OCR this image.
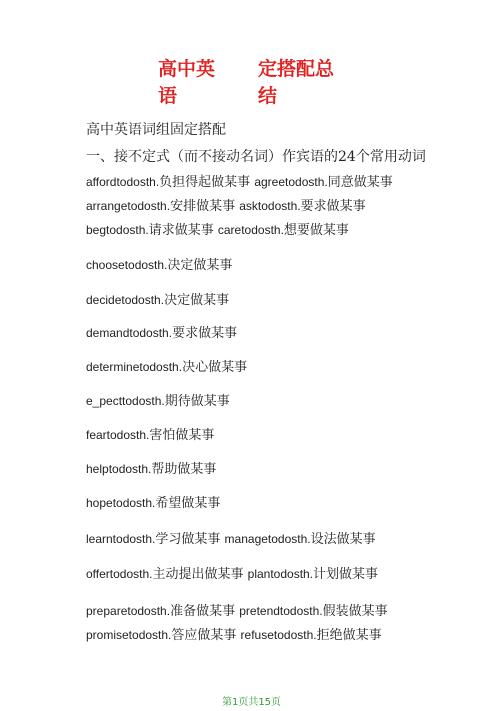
高中英
语
定搭配总
结
高中英语词组固定搭配
一、接不定式（而不接动名词）作宾语的24个常用动词
affordtodosth.负担得起做某事 agreetodosth.同意做某事
arrangetodosth.安排做某事 asktodosth.要求做某事
begtodosth.请求做某事 caretodosth.想要做某事
choosetodosth.决定做某事
decidetodosth.决定做某事
demandtodosth.要求做某事
determinetodosth.决心做某事
e_pecttodosth.期待做某事
feartodosth.害怕做某事
helptodosth.帮助做某事
hopetodosth.希望做某事
learntodosth.学习做某事 managetodosth.设法做某事
offertodosth.主动提出做某事 plantodosth.计划做某事
preparetodosth.准备做某事 pretendtodosth.假装做某事
promisetodosth.答应做某事 refusetodosth.拒绝做某事
第1页共15页
